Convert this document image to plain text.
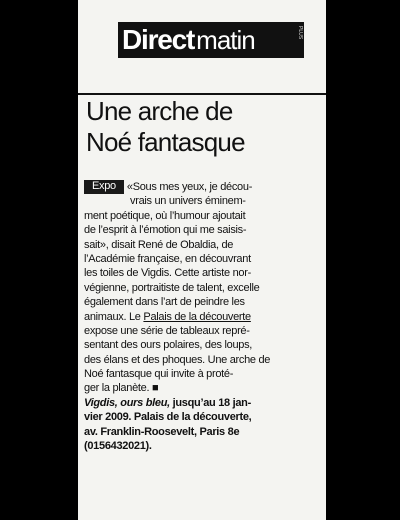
Direct matin	PLUS
Une arche de
Noé fantasque
Expo «Sous mes yeux, je décou-
vrais un univers éminem-
ment poétique, où l’humour ajoutait
de l’esprit à l’émotion qui me saisis-
sait», disait René de Obaldia, de
l’Académie française, en découvrant
les toiles de Vigdis. Cette artiste nor-
végienne, portraitiste de talent, excelle
également dans l’art de peindre les
animaux. Le Palais de la découverte
expose une série de tableaux repré-
sentant des ours polaires, des loups,
des élans et des phoques. Une arche de
Noé fantasque qui invite à proté-
ger la planète. ■
Vigdis, ours bleu, jusqu’au 18 jan-
vier 2009. Palais de la découverte,
av. Franklin-Roosevelt, Paris 8e
(0156432021).
